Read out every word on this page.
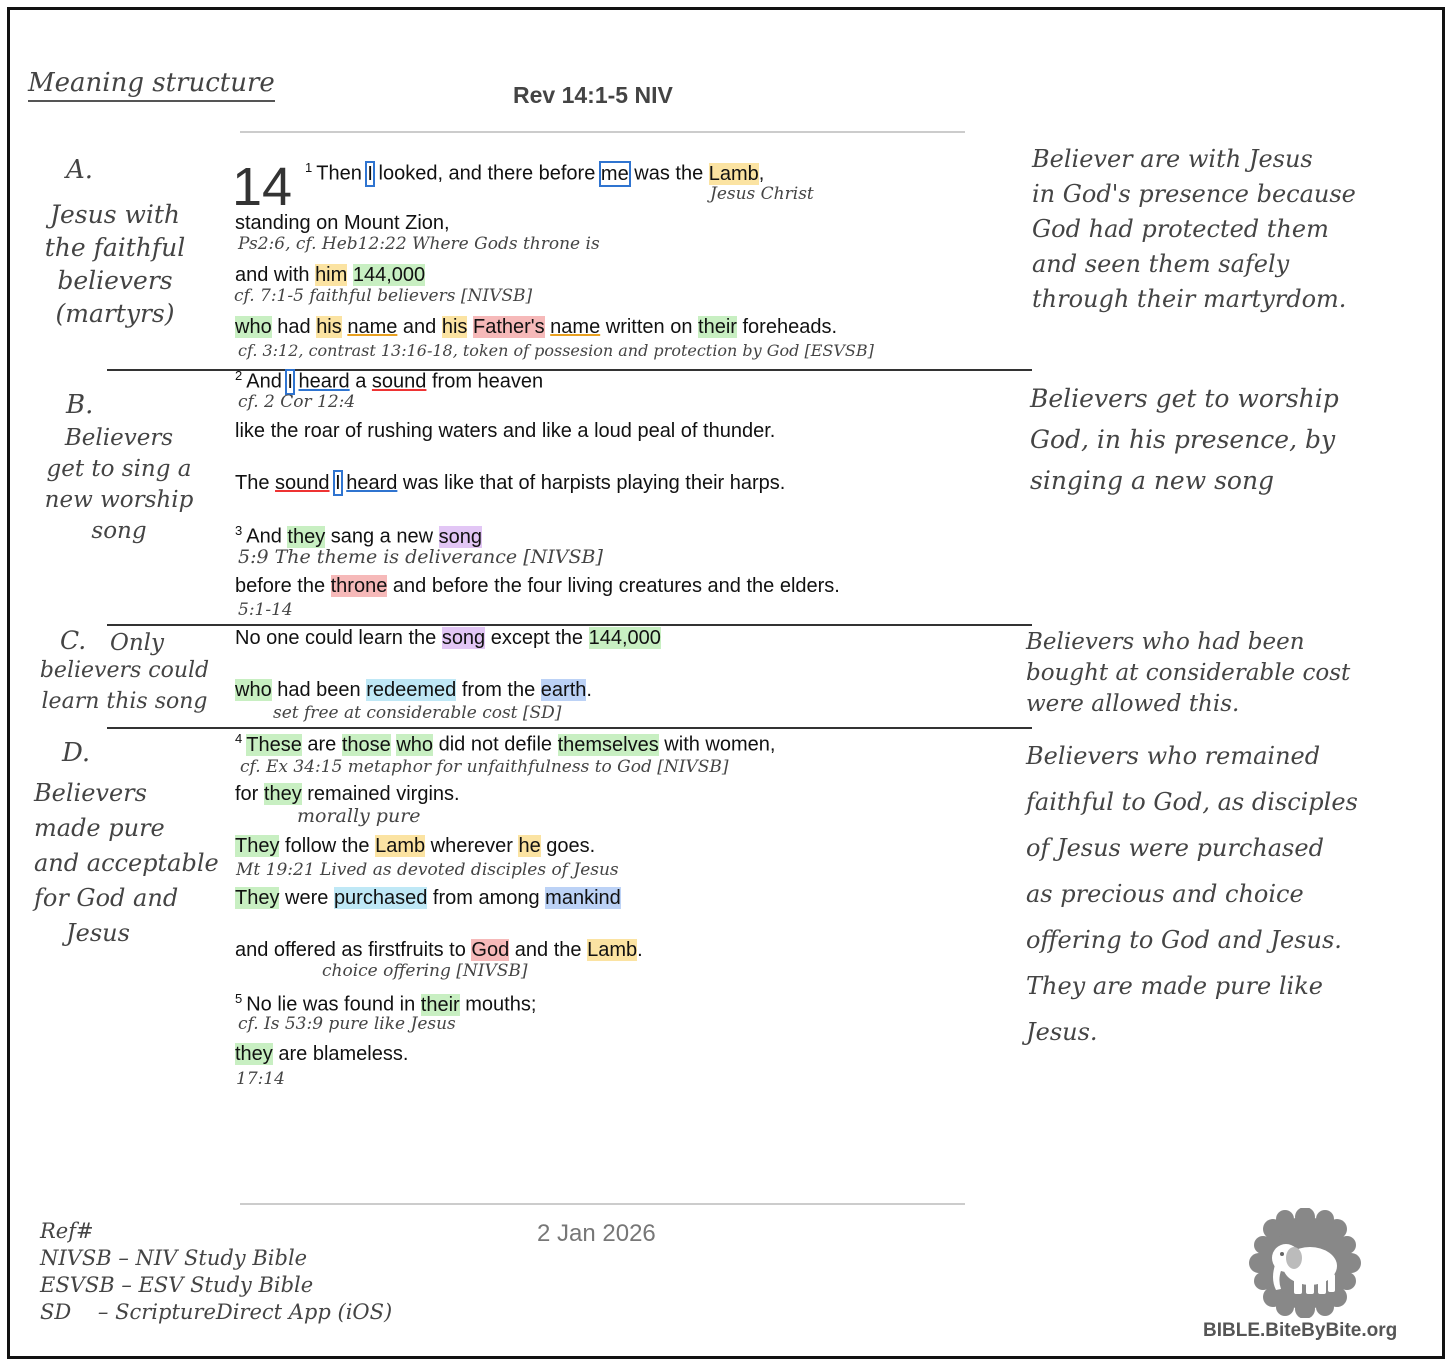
Meaning structure	Rev 14:1-5 NIV
A.
Jesus with
the faithful
believers
(martyrs)
B.
Believers
get to sing a
new worship
song
C. Only
believers could
learn this song
D.
Believers
made pure
and acceptable
for God and
Jesus
Believer are with Jesus
in God's presence because
God had protected them
and seen them safely
through their martyrdom.
Believers get to worship
God, in his presence, by
singing a new song
Believers who had been
bought at considerable cost
were allowed this.
Believers who remained
faithful to God, as disciples
of Jesus were purchased
as precious and choice
offering to God and Jesus.
They are made pure like
Jesus.
14 $^1$ Then I looked, and there before me was the Lamb,
Jesus Christ
standing on Mount Zion,
Ps2:6, cf. Heb12:22 Where Gods throne is
and with him 144,000
cf. 7:1-5 faithful believers [NIVSB]
who had his name and his Father's name written on their foreheads.
cf. 3:12, contrast 13:16-18, token of possesion and protection by God [ESVSB]
$^2$ And I heard a sound from heaven
cf. 2 Cor 12:4
like the roar of rushing waters and like a loud peal of thunder.
The sound I heard was like that of harpists playing their harps.
$^3$ And they sang a new song
5:9 The theme is deliverance [NIVSB]
before the throne and before the four living creatures and the elders.
5:1-14
No one could learn the song except the 144,000
who had been redeemed from the earth.
set free at considerable cost [SD]
$^4$ These are those who did not defile themselves with women,
cf. Ex 34:15 metaphor for unfaithfulness to God [NIVSB]
for they remained virgins.
morally pure
They follow the Lamb wherever he goes.
Mt 19:21 Lived as devoted disciples of Jesus
They were purchased from among mankind
and offered as firstfruits to God and the Lamb.
choice offering [NIVSB]
$^5$ No lie was found in their mouths;
cf. Is 53:9 pure like Jesus
they are blameless.
17:14
2 Jan 2026
Ref#
NIVSB – NIV Study Bible
ESVSB – ESV Study Bible
SD    – ScriptureDirect App (iOS)
BIBLE.BiteByBite.org
